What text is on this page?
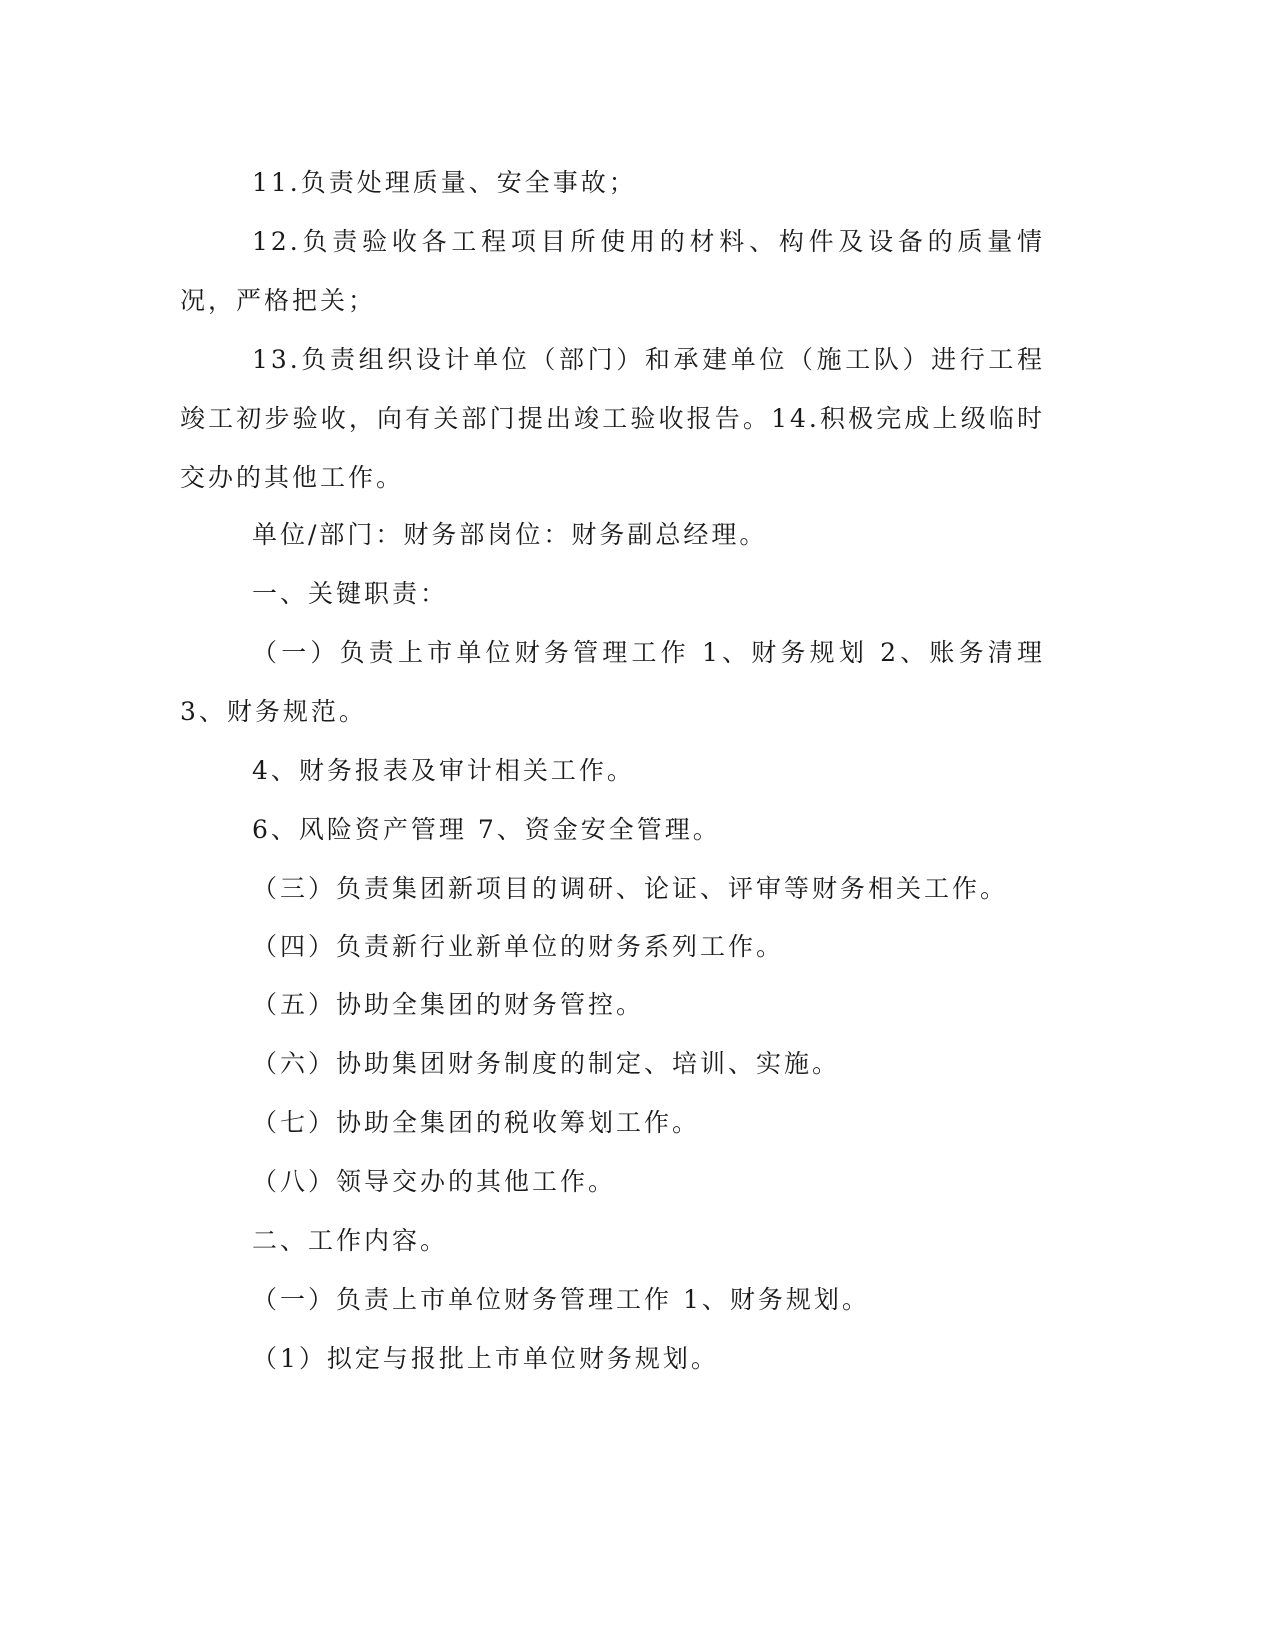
11.负责处理质量、安全事故；

12.负责验收各工程项目所使用的材料、构件及设备的质量情况，严格把关；

13.负责组织设计单位（部门）和承建单位（施工队）进行工程竣工初步验收，向有关部门提出竣工验收报告。14.积极完成上级临时交办的其他工作。

单位/部门：财务部岗位：财务副总经理。

一、关键职责：

（一）负责上市单位财务管理工作 1、财务规划 2、账务清理 3、财务规范。

4、财务报表及审计相关工作。

6、风险资产管理 7、资金安全管理。

（三）负责集团新项目的调研、论证、评审等财务相关工作。

（四）负责新行业新单位的财务系列工作。

（五）协助全集团的财务管控。

（六）协助集团财务制度的制定、培训、实施。

（七）协助全集团的税收筹划工作。

（八）领导交办的其他工作。

二、工作内容。

（一）负责上市单位财务管理工作 1、财务规划。

（1）拟定与报批上市单位财务规划。
